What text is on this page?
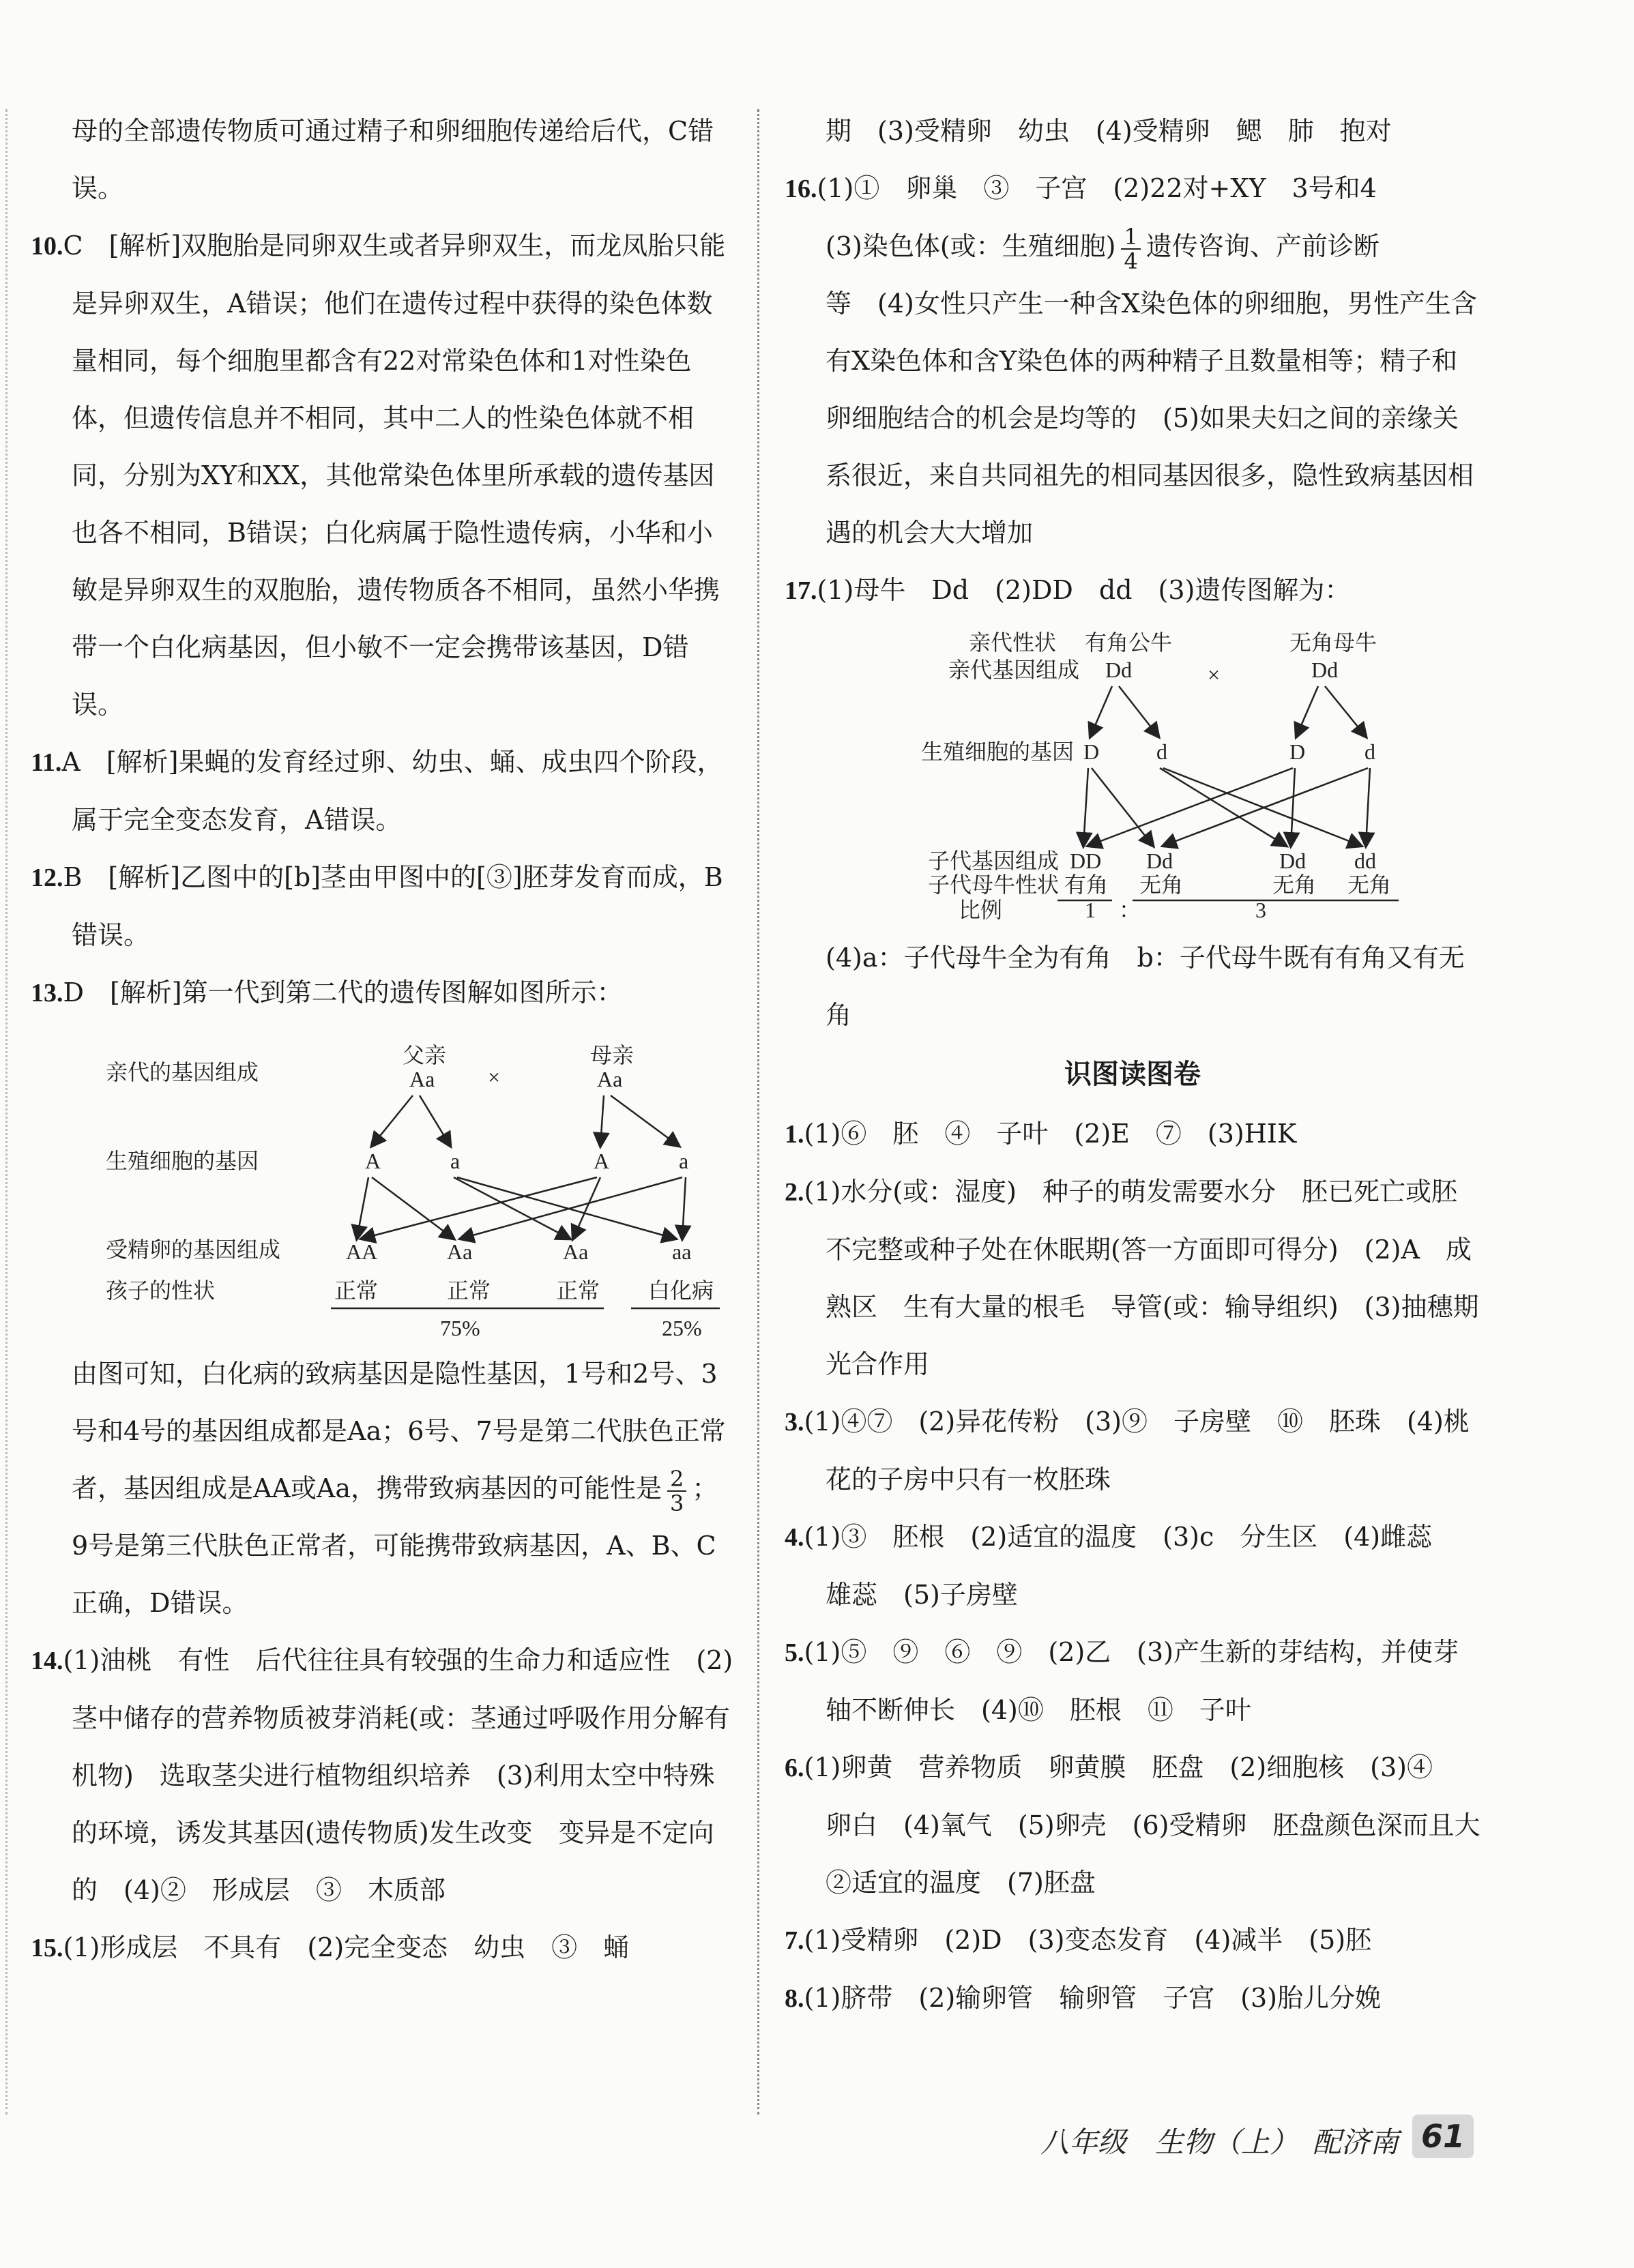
母的全部遗传物质可通过精子和卵细胞传递给后代，C错误。

10.C　[解析]双胞胎是同卵双生或者异卵双生，而龙凤胎只能是异卵双生，A错误；他们在遗传过程中获得的染色体数量相同，每个细胞里都含有22对常染色体和1对性染色体，但遗传信息并不相同，其中二人的性染色体就不相同，分别为XY和XX，其他常染色体里所承载的遗传基因也各不相同，B错误；白化病属于隐性遗传病，小华和小敏是异卵双生的双胞胎，遗传物质各不相同，虽然小华携带一个白化病基因，但小敏不一定会携带该基因，D错误。

11.A　[解析]果蝇的发育经过卵、幼虫、蛹、成虫四个阶段，属于完全变态发育，A错误。

12.B　[解析]乙图中的[b]茎由甲图中的[③]胚芽发育而成，B错误。

13.D　[解析]第一代到第二代的遗传图解如图所示：

亲代的基因组成
生殖细胞的基因
受精卵的基因组成
孩子的性状
父亲	母亲
Aa	Aa
×
A	a	A	a
AA	Aa	Aa	aa
正常	正常	正常 白化病
75%	25%

由图可知，白化病的致病基因是隐性基因，1号和2号、3号和4号的基因组成都是Aa；6号、7号是第二代肤色正常者，基因组成是AA或Aa，携带致病基因的可能性是 $\frac{2}{3}$ ；9号是第三代肤色正常者，可能携带致病基因，A、B、C正确，D错误。

14.(1)油桃　有性　后代往往具有较强的生命力和适应性　(2)茎中储存的营养物质被芽消耗(或：茎通过呼吸作用分解有机物)　选取茎尖进行植物组织培养　(3)利用太空中特殊的环境，诱发其基因(遗传物质)发生改变　变异是不定向的　(4)②　形成层　③　木质部

15.(1)形成层　不具有　(2)完全变态　幼虫　③　蛹

期　(3)受精卵　幼虫　(4)受精卵　鳃　肺　抱对

16.(1)①　卵巢　③　子宫　(2)22对+XY　3号和4

(3)染色体(或：生殖细胞) $\frac{1}{4}$ 遗传咨询、产前诊断

等　(4)女性只产生一种含X染色体的卵细胞，男性产生含有X染色体和含Y染色体的两种精子且数量相等；精子和卵细胞结合的机会是均等的　(5)如果夫妇之间的亲缘关系很近，来自共同祖先的相同基因很多，隐性致病基因相遇的机会大大增加

17.(1)母牛　Dd　(2)DD　dd　(3)遗传图解为：

亲代性状
亲代基因组成
生殖细胞的基因
子代基因组成
子代母牛性状
比例
有角公牛	无角母牛
Dd	Dd
×
D	d	D	d
DD Dd	Dd dd
有角 无角	无角 无角
1 ：	3

(4)a：子代母牛全为有角　b：子代母牛既有有角又有无角

识图读图卷

1.(1)⑥　胚　④　子叶　(2)E　⑦　(3)HIK

2.(1)水分(或：湿度)　种子的萌发需要水分　胚已死亡或胚不完整或种子处在休眠期(答一方面即可得分)　(2)A　成熟区　生有大量的根毛　导管(或：输导组织)　(3)抽穗期　光合作用

3.(1)④⑦　(2)异花传粉　(3)⑨　子房壁　⑩　胚珠　(4)桃花的子房中只有一枚胚珠

4.(1)③　胚根　(2)适宜的温度　(3)c　分生区　(4)雌蕊　雄蕊　(5)子房壁

5.(1)⑤　⑨　⑥　⑨　(2)乙　(3)产生新的芽结构，并使芽轴不断伸长　(4)⑩　胚根　⑪　子叶

6.(1)卵黄　营养物质　卵黄膜　胚盘　(2)细胞核　(3)④　卵白　(4)氧气　(5)卵壳　(6)受精卵　胚盘颜色深而且大　②适宜的温度　(7)胚盘

7.(1)受精卵　(2)D　(3)变态发育　(4)减半　(5)胚

8.(1)脐带　(2)输卵管　输卵管　子宫　(3)胎儿分娩

八年级　生物（上）　配济南 61
